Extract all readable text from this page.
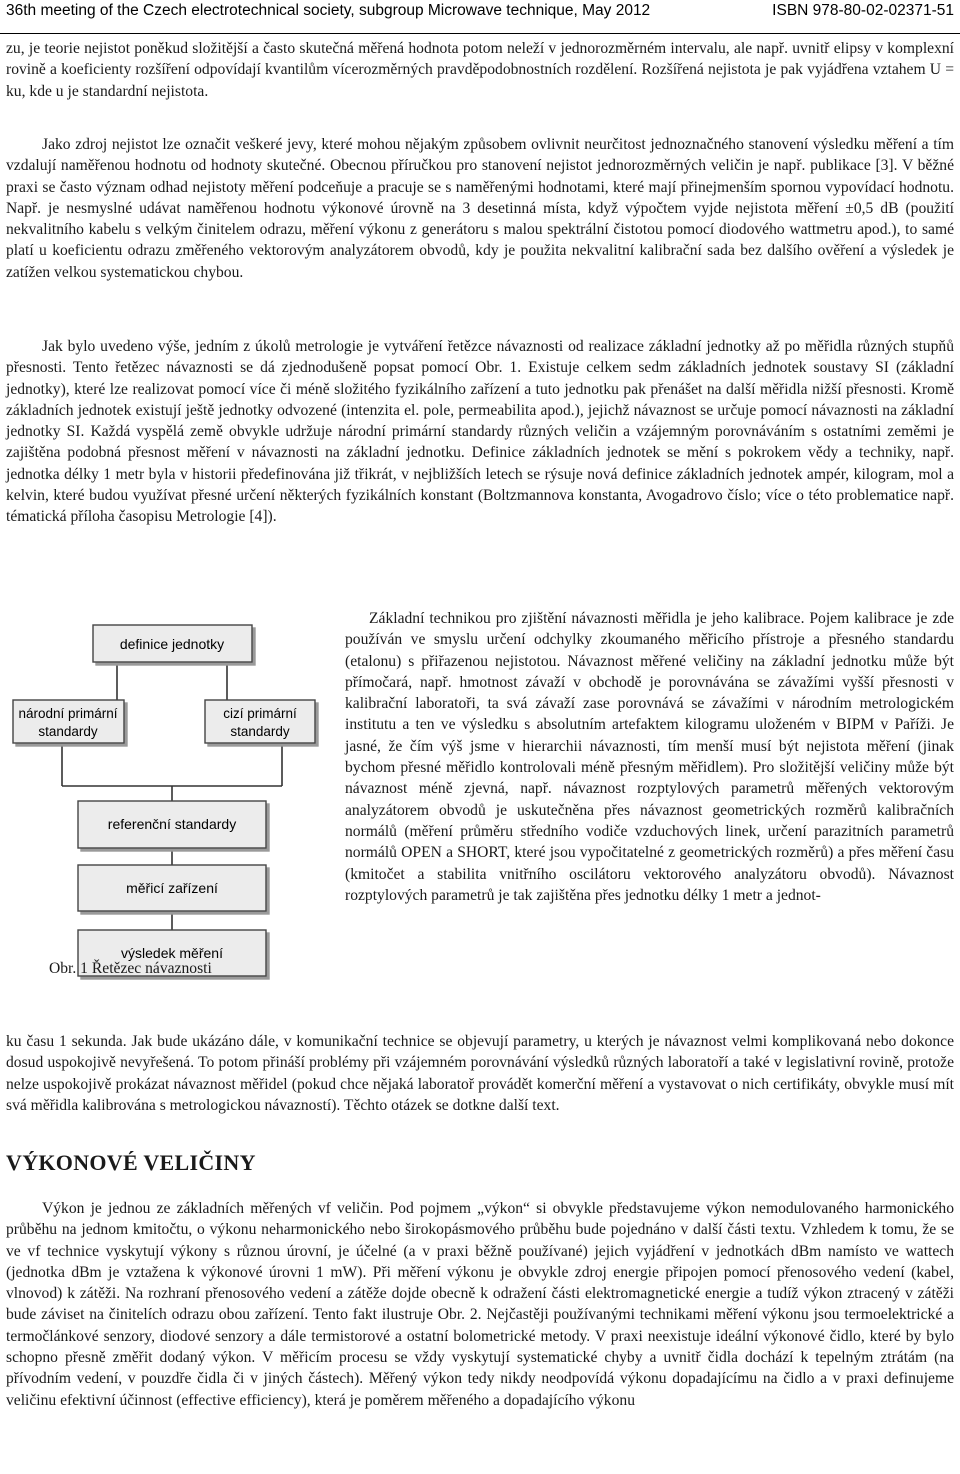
36th meeting of the Czech electrotechnical society, subgroup Microwave technique, May 2012	ISBN 978-80-02-02371-51

zu, je teorie nejistot poněkud složitější a často skutečná měřená hodnota potom neleží v jednorozměrném intervalu, ale např. uvnitř elipsy v komplexní rovině a koeficienty rozšíření odpovídají kvantilům vícerozměrných pravděpodobnostních rozdělení. Rozšířená nejistota je pak vyjádřena vztahem U = ku, kde u je standardní nejistota.

Jako zdroj nejistot lze označit veškeré jevy, které mohou nějakým způsobem ovlivnit neurčitost jednoznačného stanovení výsledku měření a tím vzdalují naměřenou hodnotu od hodnoty skutečné. Obecnou příručkou pro stanovení nejistot jednorozměrných veličin je např. publikace [3]. V běžné praxi se často význam odhad nejistoty měření podceňuje a pracuje se s naměřenými hodnotami, které mají přinejmenším spornou vypovídací hodnotu. Např. je nesmyslné udávat naměřenou hodnotu výkonové úrovně na 3 desetinná místa, když výpočtem vyjde nejistota měření ±0,5 dB (použití nekvalitního kabelu s velkým činitelem odrazu, měření výkonu z generátoru s malou spektrální čistotou pomocí diodového wattmetru apod.), to samé platí u koeficientu odrazu změřeného vektorovým analyzátorem obvodů, kdy je použita nekvalitní kalibrační sada bez dalšího ověření a výsledek je zatížen velkou systematickou chybou.

Jak bylo uvedeno výše, jedním z úkolů metrologie je vytváření řetězce návaznosti od realizace základní jednotky až po měřidla různých stupňů přesnosti. Tento řetězec návaznosti se dá zjednodušeně popsat pomocí Obr. 1. Existuje celkem sedm základních jednotek soustavy SI (základní jednotky), které lze realizovat pomocí více či méně složitého fyzikálního zařízení a tuto jednotku pak přenášet na další měřidla nižší přesnosti. Kromě základních jednotek existují ještě jednotky odvozené (intenzita el. pole, permeabilita apod.), jejichž návaznost se určuje pomocí návaznosti na základní jednotky SI. Každá vyspělá země obvykle udržuje národní primární standardy různých veličin a vzájemným porovnáváním s ostatními zeměmi je zajištěna podobná přesnost měření v návaznosti na základní jednotku. Definice základních jednotek se mění s pokrokem vědy a techniky, např. jednotka délky 1 metr byla v historii předefinována již třikrát, v nejbližších letech se rýsuje nová definice základních jednotek ampér, kilogram, mol a kelvin, které budou využívat přesné určení některých fyzikálních konstant (Boltzmannova konstanta, Avogadrovo číslo; více o této problematice např. tématická příloha časopisu Metrologie [4]).

definice jednotky
národní primární
standardy
cizí primární
standardy
referenční standardy
měřicí zařízení
výsledek měření
Obr. 1 Řetězec návaznosti

Základní technikou pro zjištění návaznosti měřidla je jeho kalibrace. Pojem kalibrace je zde používán ve smyslu určení odchylky zkoumaného měřicího přístroje a přesného standardu (etalonu) s přiřazenou nejistotou. Návaznost měřené veličiny na základní jednotku může být přímočará, např. hmotnost závaží v obchodě je porovnávána se závažími vyšší přesnosti v kalibrační laboratoři, ta svá závaží zase porovnává se závažími v národním metrologickém institutu a ten ve výsledku s absolutním artefaktem kilogramu uloženém v BIPM v Paříži. Je jasné, že čím výš jsme v hierarchii návaznosti, tím menší musí být nejistota měření (jinak bychom přesné měřidlo kontrolovali méně přesným měřidlem). Pro složitější veličiny může být návaznost méně zjevná, např. návaznost rozptylových parametrů měřených vektorovým analyzátorem obvodů je uskutečněna přes návaznost geometrických rozměrů kalibračních normálů (měření průměru středního vodiče vzduchových linek, určení parazitních parametrů normálů OPEN a SHORT, které jsou vypočitatelné z geometrických rozměrů) a přes měření času (kmitočet a stabilita vnitřního oscilátoru vektorového analyzátoru obvodů). Návaznost rozptylových parametrů je tak zajištěna přes jednotku délky 1 metr a jednot-

ku času 1 sekunda. Jak bude ukázáno dále, v komunikační technice se objevují parametry, u kterých je návaznost velmi komplikovaná nebo dokonce dosud uspokojivě nevyřešená. To potom přináší problémy při vzájemném porovnávání výsledků různých laboratoří a také v legislativní rovině, protože nelze uspokojivě prokázat návaznost měřidel (pokud chce nějaká laboratoř provádět komerční měření a vystavovat o nich certifikáty, obvykle musí mít svá měřidla kalibrována s metrologickou návazností). Těchto otázek se dotkne další text.

VÝKONOVÉ VELIČINY

Výkon je jednou ze základních měřených vf veličin. Pod pojmem „výkon“ si obvykle představujeme výkon nemodulovaného harmonického průběhu na jednom kmitočtu, o výkonu neharmonického nebo širokopásmového průběhu bude pojednáno v další části textu. Vzhledem k tomu, že se ve vf technice vyskytují výkony s různou úrovní, je účelné (a v praxi běžně používané) jejich vyjádření v jednotkách dBm namísto ve wattech (jednotka dBm je vztažena k výkonové úrovni 1 mW). Při měření výkonu je obvykle zdroj energie připojen pomocí přenosového vedení (kabel, vlnovod) k zátěži. Na rozhraní přenosového vedení a zátěže dojde obecně k odražení části elektromagnetické energie a tudíž výkon ztracený v zátěži bude záviset na činitelích odrazu obou zařízení. Tento fakt ilustruje Obr. 2. Nejčastěji používanými technikami měření výkonu jsou termoelektrické a termočlánkové senzory, diodové senzory a dále termistorové a ostatní bolometrické metody. V praxi neexistuje ideální výkonové čidlo, které by bylo schopno přesně změřit dodaný výkon. V měřicím procesu se vždy vyskytují systematické chyby a uvnitř čidla dochází k tepelným ztrátám (na přívodním vedení, v pouzdře čidla či v jiných částech). Měřený výkon tedy nikdy neodpovídá výkonu dopadajícímu na čidlo a v praxi definujeme veličinu efektivní účinnost (effective efficiency), která je poměrem měřeného a dopadajícího výkonu
